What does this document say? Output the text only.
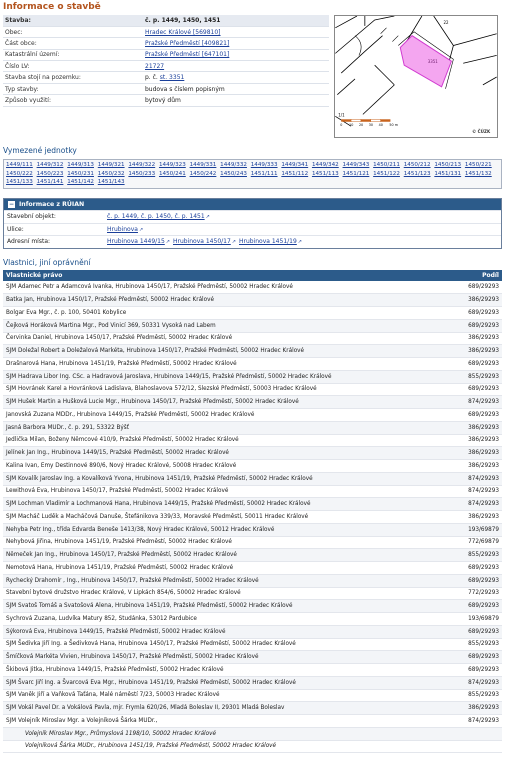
Informace o stavbě
Stavba:	č. p. 1449, 1450, 1451
Obec:	Hradec Králové [569810]
Část obce:	Pražské Předměstí [409821]
Katastrální území:	Pražské Předměstí [647101]
Číslo LV:	21727
Stavba stojí na pozemku:	p. č. st. 3351
Typ stavby:	budova s číslem popisným
Způsob využití:	bytový dům
3351
22
1/1
0 10 20 30 40 50 m
© ČÚZK
Vymezené jednotky
1449/111 1449/312 1449/313 1449/321 1449/322 1449/323 1449/331 1449/332 1449/333 1449/341 1449/342 1449/343 1450/211 1450/212 1450/213 1450/221 1450/222 1450/223 1450/231 1450/232 1450/233 1450/241 1450/242 1450/243 1451/111 1451/112 1451/113 1451/121 1451/122 1451/123 1451/131 1451/132 1451/133 1451/141 1451/142 1451/143
− Informace z RÚIAN
Stavební objekt:	č. p. 1449, č. p. 1450, č. p. 1451 ↗
Ulice:	Hrubinova ↗
Adresní místa:	Hrubinova 1449/15 ↗ Hrubinova 1450/17 ↗ Hrubinova 1451/19 ↗
Vlastnici, jiní oprávnění
Vlastnické právo	Podíl
SJM Adamec Petr a Adamcová Ivanka, Hrubinova 1450/17, Pražské Předměstí, 50002 Hradec Králové	689/29293
Batka Jan, Hrubinova 1450/17, Pražské Předměstí, 50002 Hradec Králové	386/29293
Bolgar Eva Mgr., č. p. 100, 50401 Kobylice	689/29293
Čejková Horáková Martina Mgr., Pod Vinicí 369, 50331 Vysoká nad Labem	689/29293
Červinka Daniel, Hrubinova 1450/17, Pražské Předměstí, 50002 Hradec Králové	386/29293
SJM Doležal Robert a Doležalová Markéta, Hrubinova 1450/17, Pražské Předměstí, 50002 Hradec Králové	386/29293
Drašnarová Hana, Hrubinova 1451/19, Pražské Předměstí, 50002 Hradec Králové	689/29293
SJM Hadrava Libor Ing. CSc. a Hadravová Jaroslava, Hrubinova 1449/15, Pražské Předměstí, 50002 Hradec Králové	855/29293
SJM Hovránek Karel a Hovránková Ladislava, Blahoslavova 572/12, Slezské Předměstí, 50003 Hradec Králové	689/29293
SJM Hušek Martin a Hušková Lucie Mgr., Hrubinova 1450/17, Pražské Předměstí, 50002 Hradec Králové	874/29293
Janovská Zuzana MDDr., Hrubinova 1449/15, Pražské Předměstí, 50002 Hradec Králové	689/29293
Jasná Barbora MUDr., č. p. 291, 53322 Býšť	386/29293
Jedlička Milan, Boženy Němcové 410/9, Pražské Předměstí, 50002 Hradec Králové	386/29293
Jelínek Jan Ing., Hrubinova 1449/15, Pražské Předměstí, 50002 Hradec Králové	386/29293
Kalina Ivan, Emy Destinnové 890/6, Nový Hradec Králové, 50008 Hradec Králové	386/29293
SJM Kovalík Jaroslav Ing. a Kovalíková Yvona, Hrubinova 1451/19, Pražské Předměstí, 50002 Hradec Králové	874/29293
Lewithová Eva, Hrubinova 1450/17, Pražské Předměstí, 50002 Hradec Králové	874/29293
SJM Lochman Vladimír a Lochmanová Hana, Hrubinova 1449/15, Pražské Předměstí, 50002 Hradec Králové	874/29293
SJM Macháč Luděk a Macháčová Danuše, Štefánikova 339/33, Moravské Předměstí, 50011 Hradec Králové	386/29293
Nehyba Petr Ing., třída Edvarda Beneše 1413/38, Nový Hradec Králové, 50012 Hradec Králové	193/69879
Nehybová Jiřina, Hrubinova 1451/19, Pražské Předměstí, 50002 Hradec Králové	772/69879
Němeček Jan Ing., Hrubinova 1450/17, Pražské Předměstí, 50002 Hradec Králové	855/29293
Nemotová Hana, Hrubinova 1451/19, Pražské Předměstí, 50002 Hradec Králové	689/29293
Rychecký Drahomír , Ing., Hrubinova 1450/17, Pražské Předměstí, 50002 Hradec Králové	689/29293
Stavební bytové družstvo Hradec Králové, V Lipkách 854/6, 50002 Hradec Králové	772/29293
SJM Svatoš Tomáš a Svatošová Alena, Hrubinova 1451/19, Pražské Předměstí, 50002 Hradec Králové	689/29293
Sychrová Zuzana, Ludvíka Matury 852, Studánka, 53012 Pardubice	193/69879
Sýkorová Eva, Hrubinova 1449/15, Pražské Předměstí, 50002 Hradec Králové	689/29293
SJM Šedivka Jiří Ing. a Šedivková Hana, Hrubinova 1450/17, Pražské Předměstí, 50002 Hradec Králové	855/29293
Šmíčková Markéta Vivien, Hrubinova 1450/17, Pražské Předměstí, 50002 Hradec Králové	689/29293
Škibová Jitka, Hrubinova 1449/15, Pražské Předměstí, 50002 Hradec Králové	689/29293
SJM Švarc Jiří Ing. a Švarcová Eva Mgr., Hrubinova 1451/19, Pražské Předměstí, 50002 Hradec Králové	874/29293
SJM Vaněk Jiří a Vaňková Taťána, Malé náměstí 7/23, 50003 Hradec Králové	855/29293
SJM Vokál Pavel Dr. a Vokálová Pavla, mjr. Frymla 620/26, Mladá Boleslav II, 29301 Mladá Boleslav	386/29293
SJM Volejník Miroslav Mgr. a Volejníková Šárka MUDr.,	874/29293
Volejník Miroslav Mgr., Průmyslová 1198/10, 50002 Hradec Králové	
Volejníková Šárka MUDr., Hrubinova 1451/19, Pražské Předměstí, 50002 Hradec Králové	
